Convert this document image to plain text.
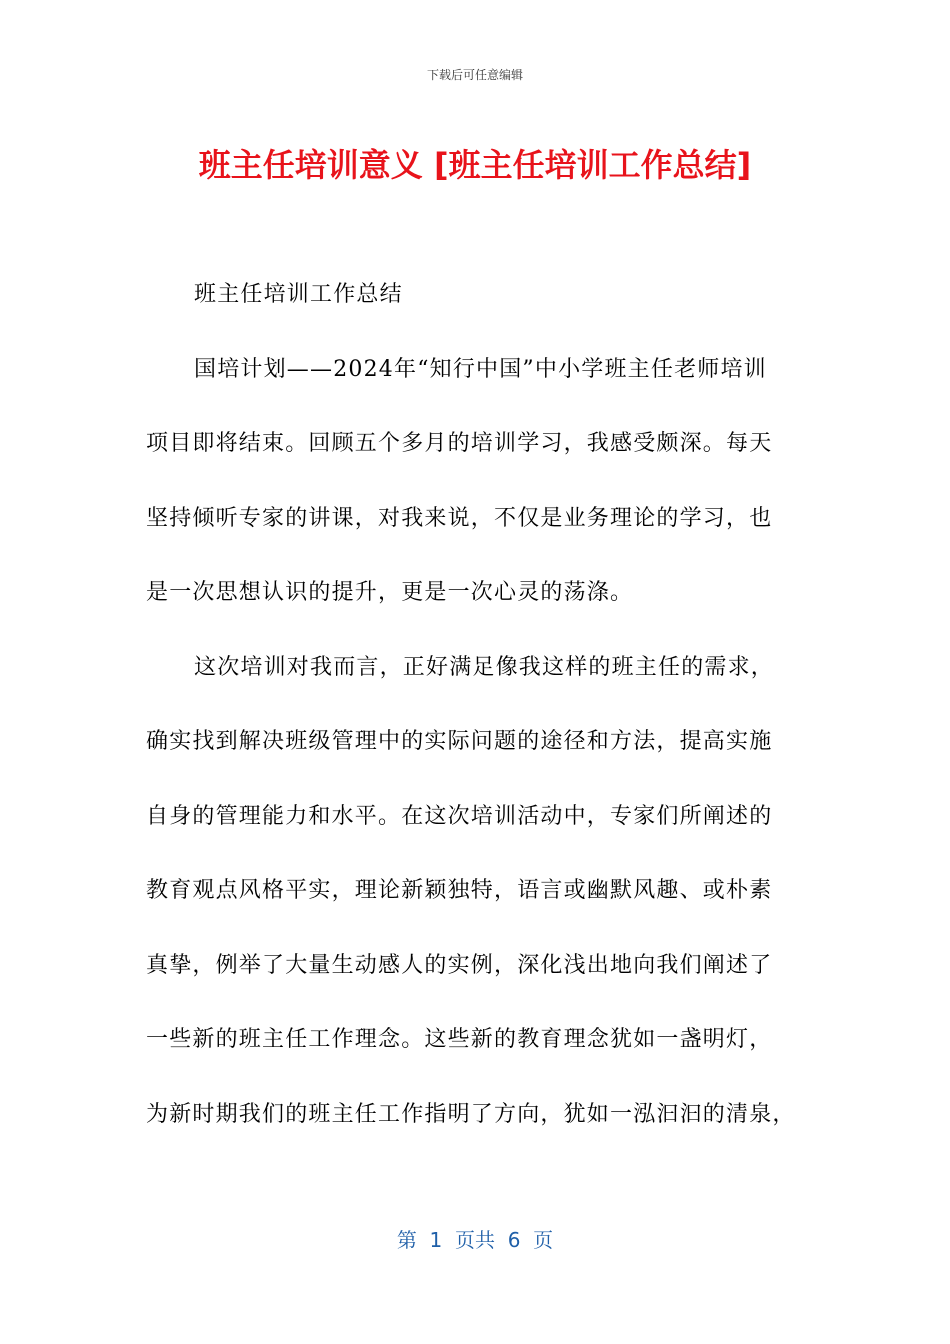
下载后可任意编辑
班主任培训意义 [班主任培训工作总结]
班主任培训工作总结
国培计划——2024年“知行中国”中小学班主任老师培训
项目即将结束。回顾五个多月的培训学习，我感受颇深。每天
坚持倾听专家的讲课，对我来说，不仅是业务理论的学习，也
是一次思想认识的提升，更是一次心灵的荡涤。
这次培训对我而言，正好满足像我这样的班主任的需求，
确实找到解决班级管理中的实际问题的途径和方法，提高实施
自身的管理能力和水平。在这次培训活动中，专家们所阐述的
教育观点风格平实，理论新颖独特，语言或幽默风趣、或朴素
真挚，例举了大量生动感人的实例，深化浅出地向我们阐述了
一些新的班主任工作理念。这些新的教育理念犹如一盏明灯，
为新时期我们的班主任工作指明了方向，犹如一泓汩汩的清泉，
第  1  页共  6  页
